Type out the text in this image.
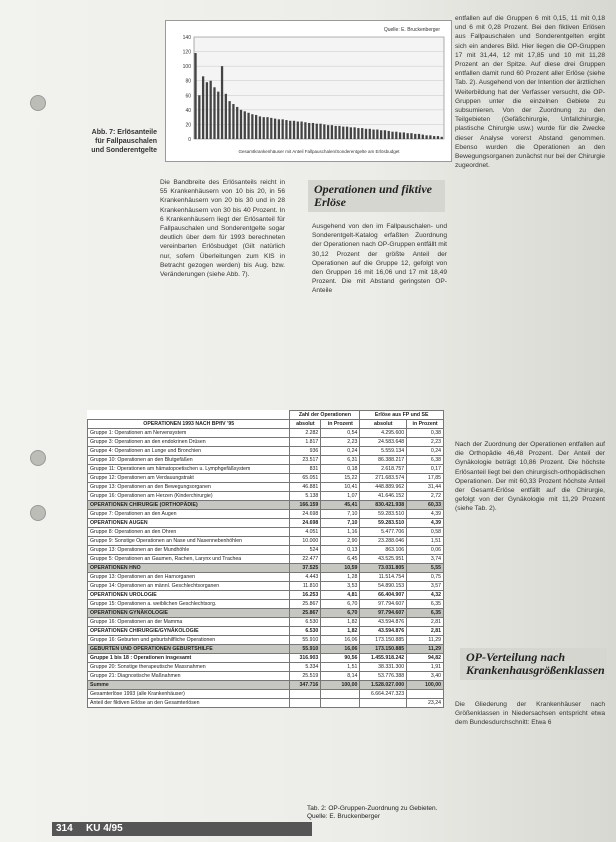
Abb. 7: Erlösanteile für Fallpauschalen und Sonderentgelte
140
120
100
80
60
40
20
0
Quelle: E. Bruckenberger
Gesamtkrankenhäuser mit Anteil Fallpauschalen/Sonderentgelte am Erlösbudget
Die Bandbreite des Erlösanteils reicht in 55 Krankenhäusern von 10 bis 20, in 56 Krankenhäusern von 20 bis 30 und in 28 Krankenhäusern von 30 bis 40 Prozent. In 6 Krankenhäusern liegt der Erlösanteil für Fallpauschalen und Sonderentgelte sogar deutlich über dem für 1993 berechneten vereinbarten Erlösbudget (Gilt natürlich nur, sofern Überleitungen zum KIS in Betracht gezogen werden) bis Aug. bzw. Veränderungen (siehe Abb. 7).
Operationen und fiktive Erlöse
Ausgehend von den im Fallpauschalen- und Sonderentgelt-Katalog erfaßten Zuordnung der Operationen nach OP-Gruppen entfällt mit 30,12 Prozent der größte Anteil der Operationen auf die Gruppe 12, gefolgt von den Gruppen 16 mit 16,06 und 17 mit 18,49 Prozent. Die mit Abstand geringsten OP-Anteile
entfallen auf die Gruppen 6 mit 0,15, 11 mit 0,18 und 6 mit 0,28 Prozent. Bei den fiktiven Erlösen aus Fallpauschalen und Sonderentgelten ergibt sich ein anderes Bild. Hier liegen die OP-Gruppen 17 mit 31,44, 12 mit 17,85 und 10 mit 11,28 Prozent an der Spitze. Auf diese drei Gruppen entfallen damit rund 60 Prozent aller Erlöse (siehe Tab. 2). Ausgehend von der Intention der ärztlichen Weiterbildung hat der Verfasser versucht, die OP-Gruppen unter die einzelnen Gebiete zu subsumieren. Von der Zuordnung zu den Teilgebieten (Gefäßchirurgie, Unfallchirurgie, plastische Chirurgie usw.) wurde für die Zwecke dieser Analyse vorerst Abstand genommen. Ebenso wurden die Operationen an den Bewegungsorganen zunächst nur bei der Chirurgie zugeordnet.
Nach der Zuordnung der Operationen entfallen auf die Orthopädie 46,48 Prozent. Der Anteil der Gynäkologie beträgt 10,86 Prozent. Die höchste Erlösanteil liegt bei den chirurgisch-orthopädischen Operationen. Der mit 60,33 Prozent höchste Anteil der Gesamt-Erlöse entfällt auf die Chirurgie, gefolgt von der Gynäkologie mit 11,29 Prozent (siehe Tab. 2).
OP-Verteilung nach Krankenhausgrößenklassen
Die Gliederung der Krankenhäuser nach Größenklassen in Niedersachsen entspricht etwa dem Bundesdurchschnitt: Etwa 6
	Zahl der Operationen		Erlöse aus FP und SE	
OPERATIONEN 1993 NACH BPflV '95	absolut	in Prozent	absolut	in Prozent
Gruppe 1: Operationen am Nervensystem	2.282	0,54	4.295.600	0,38
Gruppe 3: Operationen an den endokrinen Drüsen	1.817	2,23	24.583.648	2,23
Gruppe 4: Operationen an Lunge und Bronchien	936	0,24	5.559.134	0,24
Gruppe 10: Operationen an den Blutgefäßen	23.517	6,31	86.388.217	6,38
Gruppe 11: Operationen am hämatopoetischen u. Lymphgefäßsystem	831	0,18	2.618.757	0,17
Gruppe 12: Operationen am Verdauungstrakt	65.051	15,22	271.683.574	17,85
Gruppe 13: Operationen an den Bewegungsorganen	46.881	10,41	448.889.962	31,44
Gruppe 16: Operationen am Herzen (Kinderchirurgie)	5.138	1,07	41.646.152	2,72
OPERATIONEN CHIRURGIE (ORTHOPÄDIE)	166.159	45,41	830.421.938	60,33
Gruppe 7: Operationen an den Augen	24.698	7,10	59.283.510	4,39
OPERATIONEN AUGEN	24.698	7,10	59.283.510	4,39
Gruppe 8: Operationen an den Ohren	4.051	1,16	5.477.706	0,58
Gruppe 9: Sonstige Operationen an Nase und Nasennebenhöhlen	10.000	2,90	23.288.046	1,51
Gruppe 13: Operationen an der Mundhöhle	524	0,13	863.106	0,06
Gruppe 5: Operationen an Gaumen, Rachen, Larynx und Trachea	22.477	6,45	43.525.951	3,74
OPERATIONEN HNO	37.525	10,59	73.031.805	5,55
Gruppe 13: Operationen an den Harnorganen	4.443	1,28	11.514.754	0,75
Gruppe 14: Operationen an männl. Geschlechtsorganen	11.810	3,53	54.890.153	3,57
OPERATIONEN UROLOGIE	16.253	4,81	66.404.907	4,32
Gruppe 15: Operationen a. weiblichen Geschlechtsorg.	25.867	6,70	97.794.607	6,35
OPERATIONEN GYNÄKOLOGIE	25.867	6,70	97.794.607	6,35
Gruppe 16: Operationen an der Mamma	6.530	1,82	43.594.876	2,81
OPERATIONEN CHIRURGIE/GYNÄKOLOGIE	6.530	1,82	43.594.876	2,81
Gruppe 16: Geburten und geburtshilfliche Operationen	55.910	16,06	173.150.885	11,29
GEBURTEN UND OPERATIONEN GEBURTSHILFE	55.910	16,06	173.150.885	11,29
Gruppe 1 bis 18 : Operationen insgesamt	316.903	90,56	1.455.918.242	94,82
Gruppe 20: Sonstige therapeutische Massnahmen	5.334	1,51	38.331.300	1,91
Gruppe 21: Diagnostische Maßnahmen	25.519	8,14	53.776.388	3,40
Summe	347.716	100,00	1.528.027.000	100,00
Gesamterlöse 1993 (alle Krankenhäuser)			6.664.247.323	
Anteil der fiktiven Erlöse an den Gesamterlösen				23,24
Tab. 2: OP-Gruppen-Zuordnung zu Gebieten. Quelle: E. Bruckenberger
314 KU 4/95
